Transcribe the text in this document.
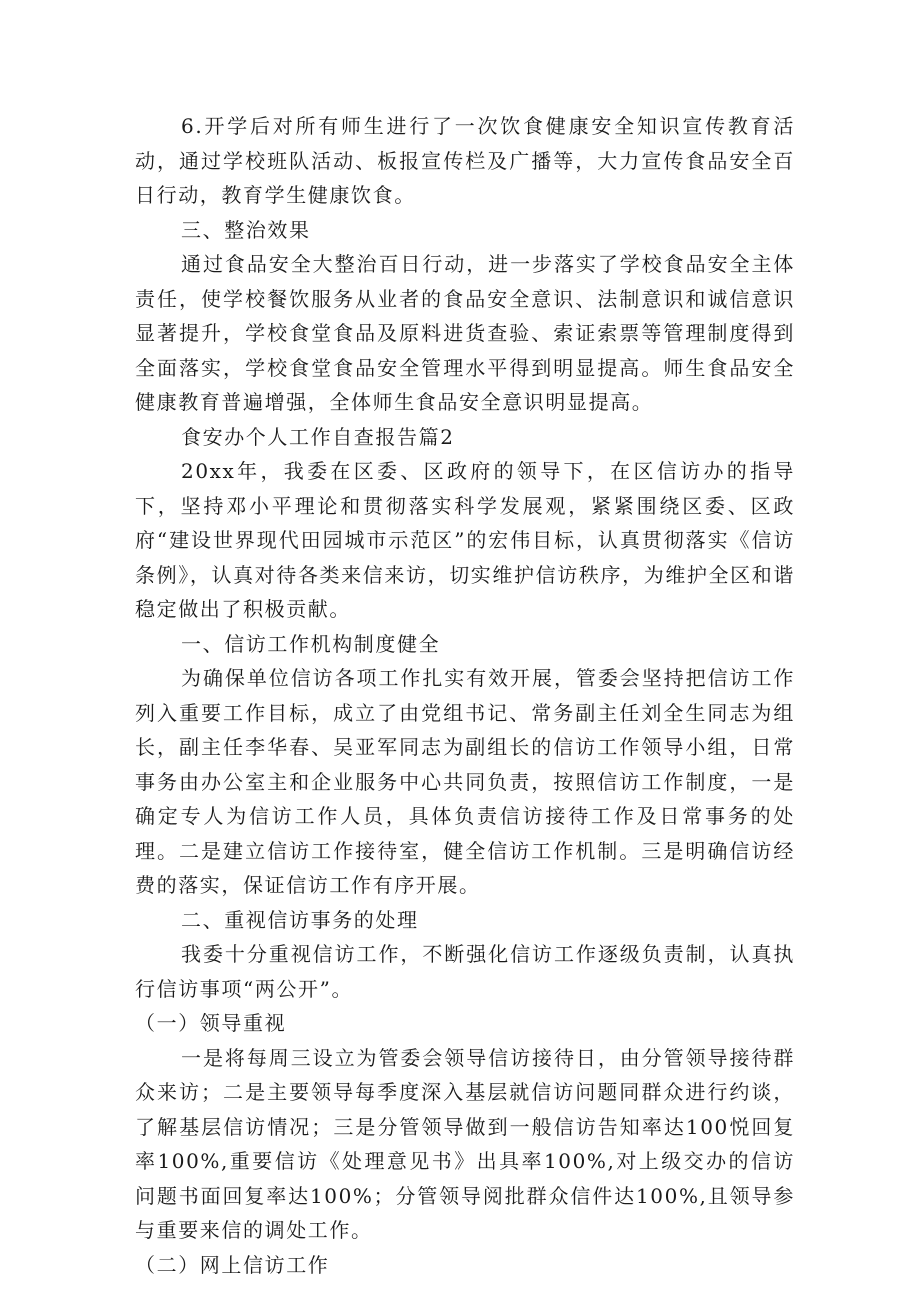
6.开学后对所有师生进行了一次饮食健康安全知识宣传教育活动，通过学校班队活动、板报宣传栏及广播等，大力宣传食品安全百日行动，教育学生健康饮食。

三、整治效果

通过食品安全大整治百日行动，进一步落实了学校食品安全主体责任，使学校餐饮服务从业者的食品安全意识、法制意识和诚信意识显著提升，学校食堂食品及原料进货查验、索证索票等管理制度得到全面落实，学校食堂食品安全管理水平得到明显提高。师生食品安全健康教育普遍增强，全体师生食品安全意识明显提高。

食安办个人工作自查报告篇2

20xx年，我委在区委、区政府的领导下，在区信访办的指导下，坚持邓小平理论和贯彻落实科学发展观，紧紧围绕区委、区政府“建设世界现代田园城市示范区”的宏伟目标，认真贯彻落实《信访条例》，认真对待各类来信来访，切实维护信访秩序，为维护全区和谐稳定做出了积极贡献。

一、信访工作机构制度健全

为确保单位信访各项工作扎实有效开展，管委会坚持把信访工作列入重要工作目标，成立了由党组书记、常务副主任刘全生同志为组长，副主任李华春、吴亚军同志为副组长的信访工作领导小组，日常事务由办公室主和企业服务中心共同负责，按照信访工作制度，一是确定专人为信访工作人员，具体负责信访接待工作及日常事务的处理。二是建立信访工作接待室，健全信访工作机制。三是明确信访经费的落实，保证信访工作有序开展。

二、重视信访事务的处理

我委十分重视信访工作，不断强化信访工作逐级负责制，认真执行信访事项“两公开”。

（一）领导重视

一是将每周三设立为管委会领导信访接待日，由分管领导接待群众来访；二是主要领导每季度深入基层就信访问题同群众进行约谈，了解基层信访情况；三是分管领导做到一般信访告知率达100悦回复率100%,重要信访《处理意见书》出具率100%,对上级交办的信访问题书面回复率达100%；分管领导阅批群众信件达100%,且领导参与重要来信的调处工作。

（二）网上信访工作
